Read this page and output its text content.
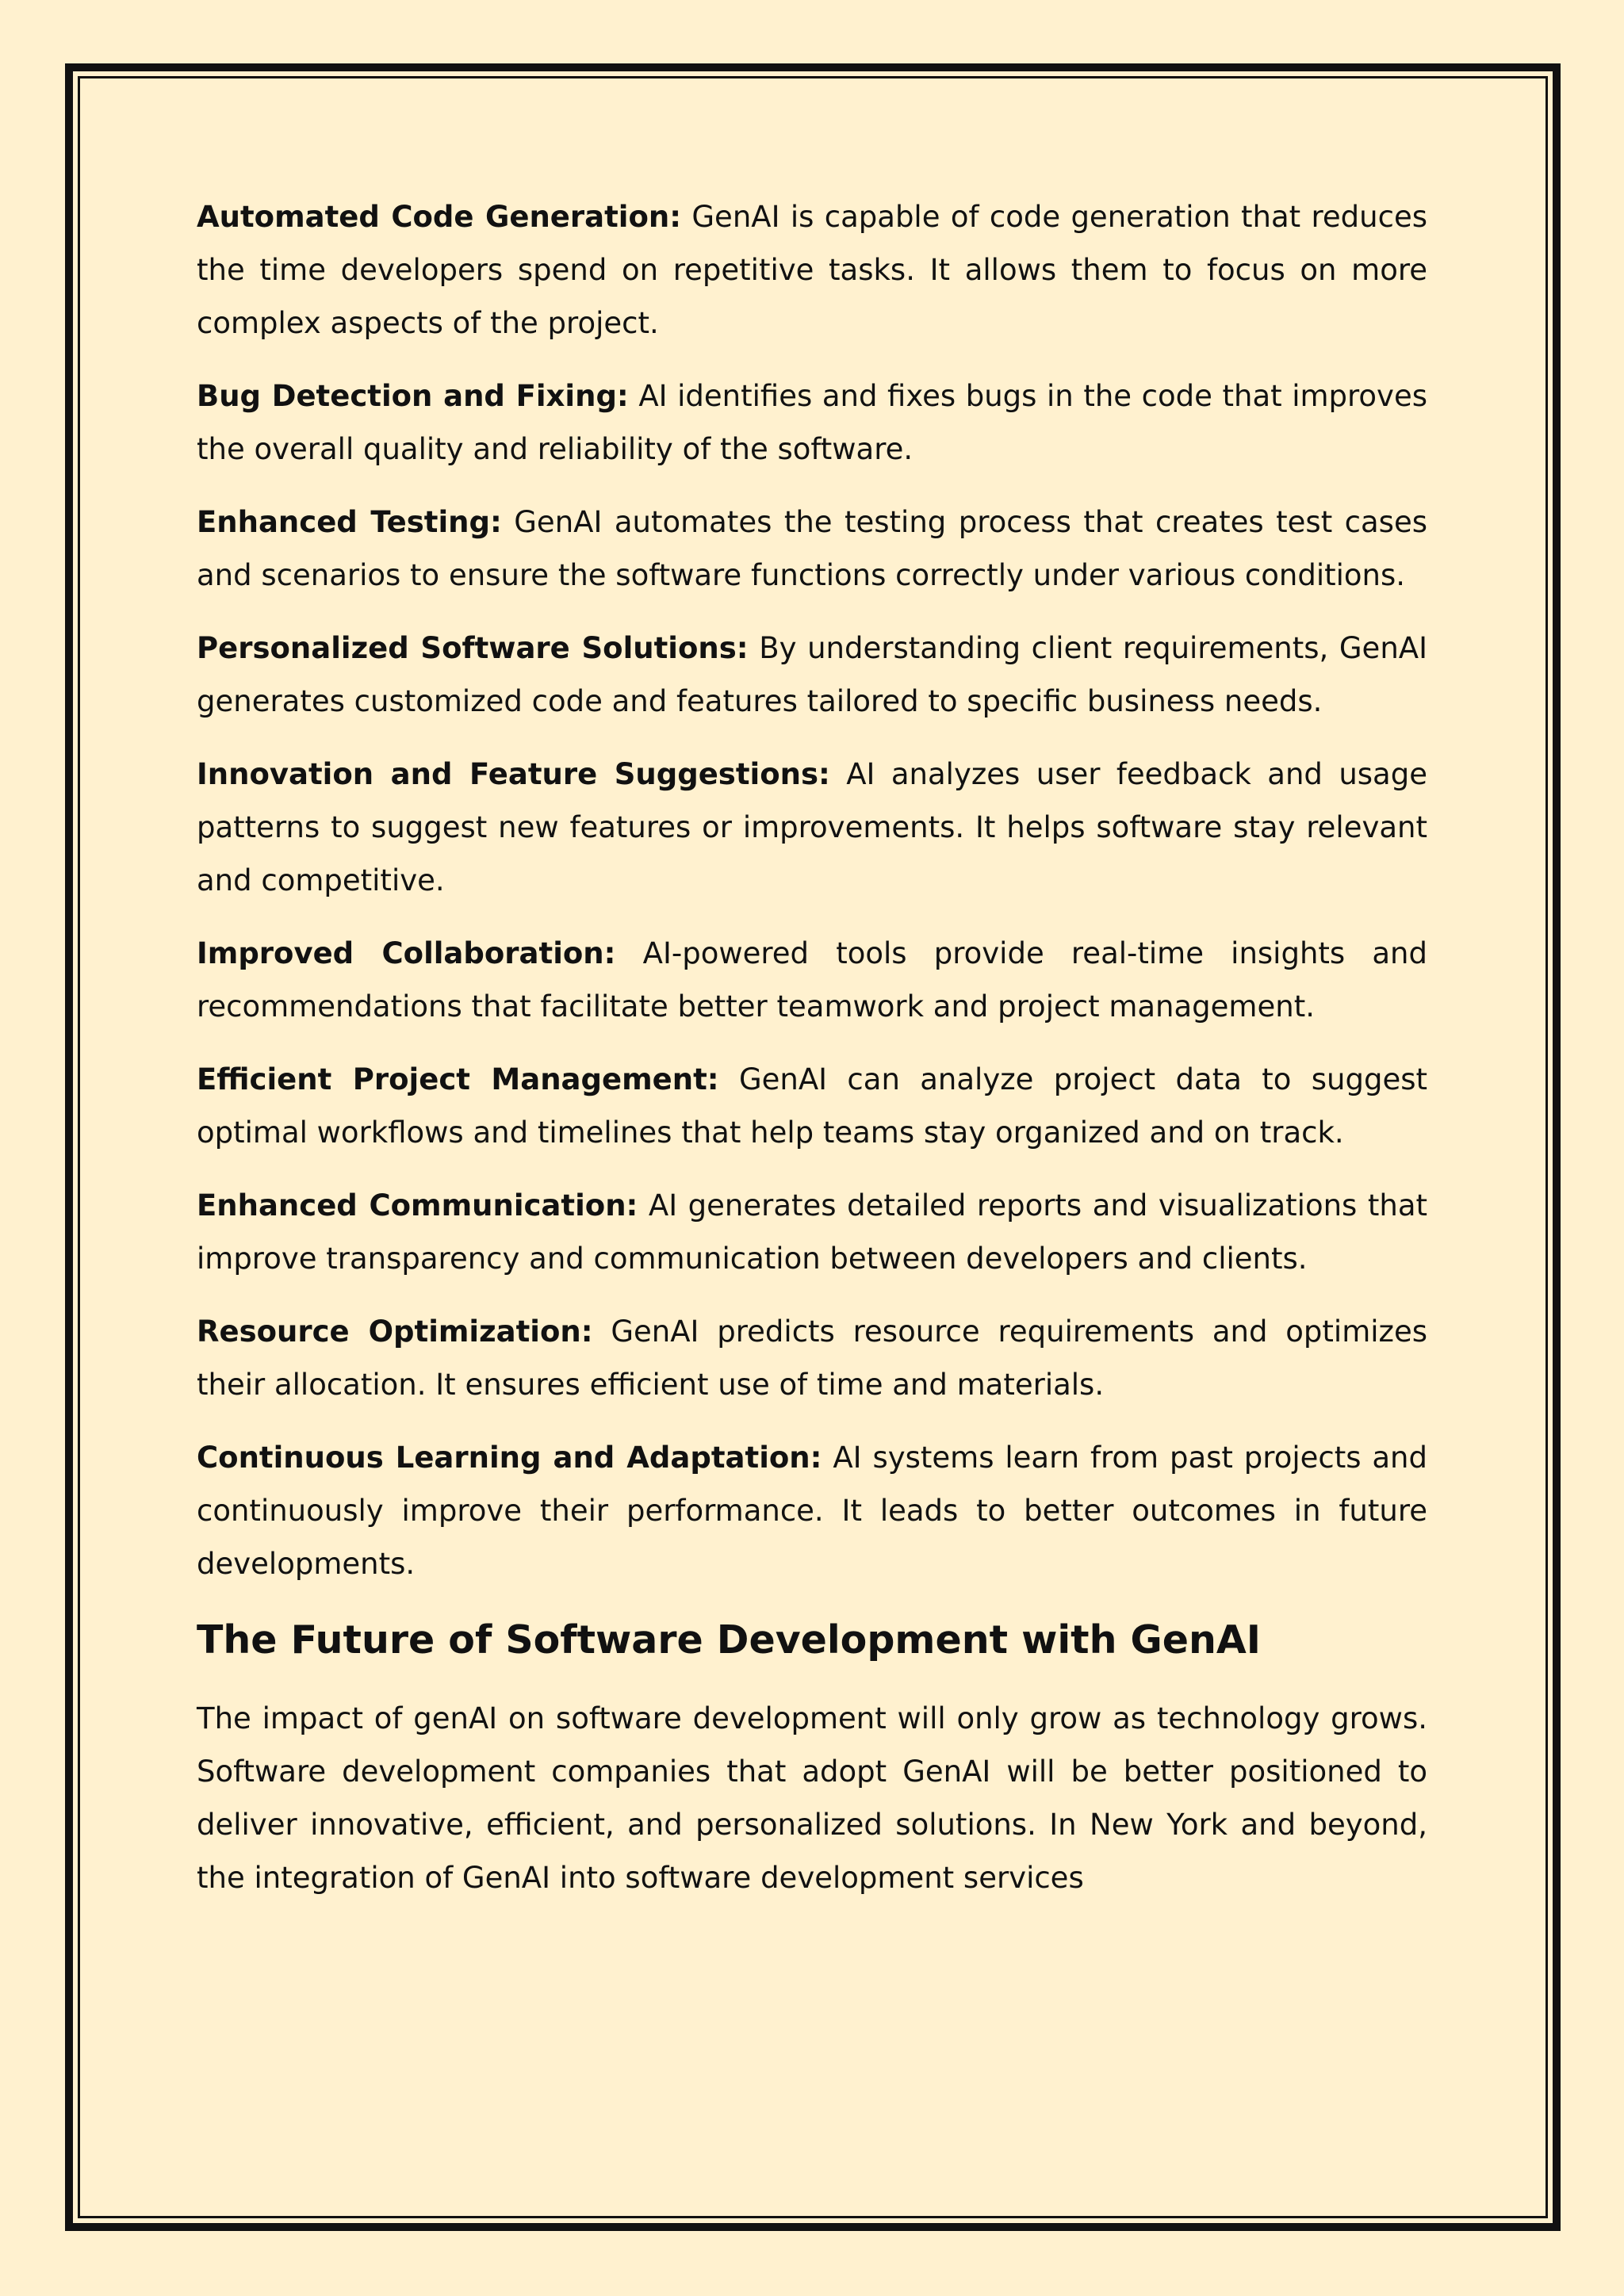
Automated Code Generation: GenAI is capable of code generation that reduces the time developers spend on repetitive tasks. It allows them to focus on more complex aspects of the project.

Bug Detection and Fixing: AI identifies and fixes bugs in the code that improves the overall quality and reliability of the software.

Enhanced Testing: GenAI automates the testing process that creates test cases and scenarios to ensure the software functions correctly under various conditions.

Personalized Software Solutions: By understanding client requirements, GenAI generates customized code and features tailored to specific business needs.

Innovation and Feature Suggestions: AI analyzes user feedback and usage patterns to suggest new features or improvements. It helps software stay relevant and competitive.

Improved Collaboration: AI-powered tools provide real-time insights and recommendations that facilitate better teamwork and project management.

Efficient Project Management: GenAI can analyze project data to suggest optimal workflows and timelines that help teams stay organized and on track.

Enhanced Communication: AI generates detailed reports and visualizations that improve transparency and communication between developers and clients.

Resource Optimization: GenAI predicts resource requirements and optimizes their allocation. It ensures efficient use of time and materials.

Continuous Learning and Adaptation: AI systems learn from past projects and continuously improve their performance. It leads to better outcomes in future developments.

The Future of Software Development with GenAI

The impact of genAI on software development will only grow as technology grows. Software development companies that adopt GenAI will be better positioned to deliver innovative, efficient, and personalized solutions. In New York and beyond, the integration of GenAI into software development services
